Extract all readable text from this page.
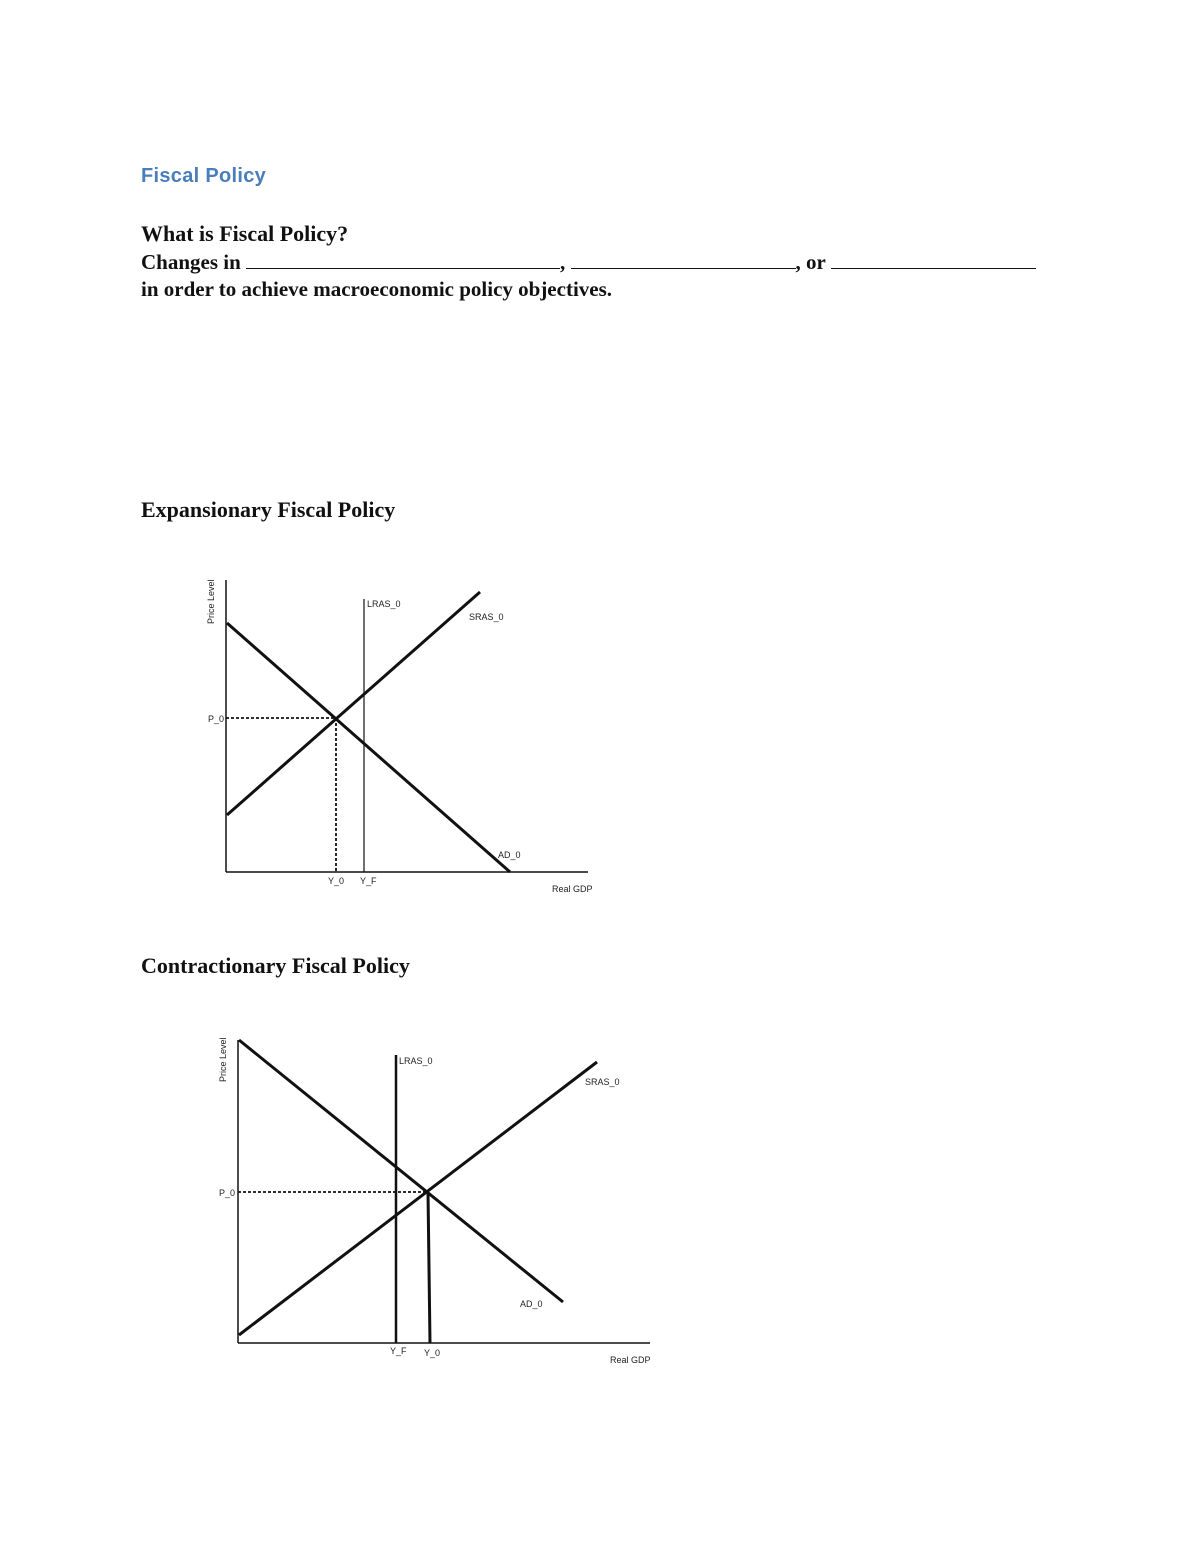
Fiscal Policy
What is Fiscal Policy?
Changes in	,	, or
in order to achieve macroeconomic policy objectives.
Expansionary Fiscal Policy
Contractionary Fiscal Policy
Price Level	LRAS_0
SRAS_0
AD_0
P_0
Y_0 Y_F
Real GDP
Price Level	LRAS_0
SRAS_0
AD_0
P_0
Y_F Y_0
Real GDP
